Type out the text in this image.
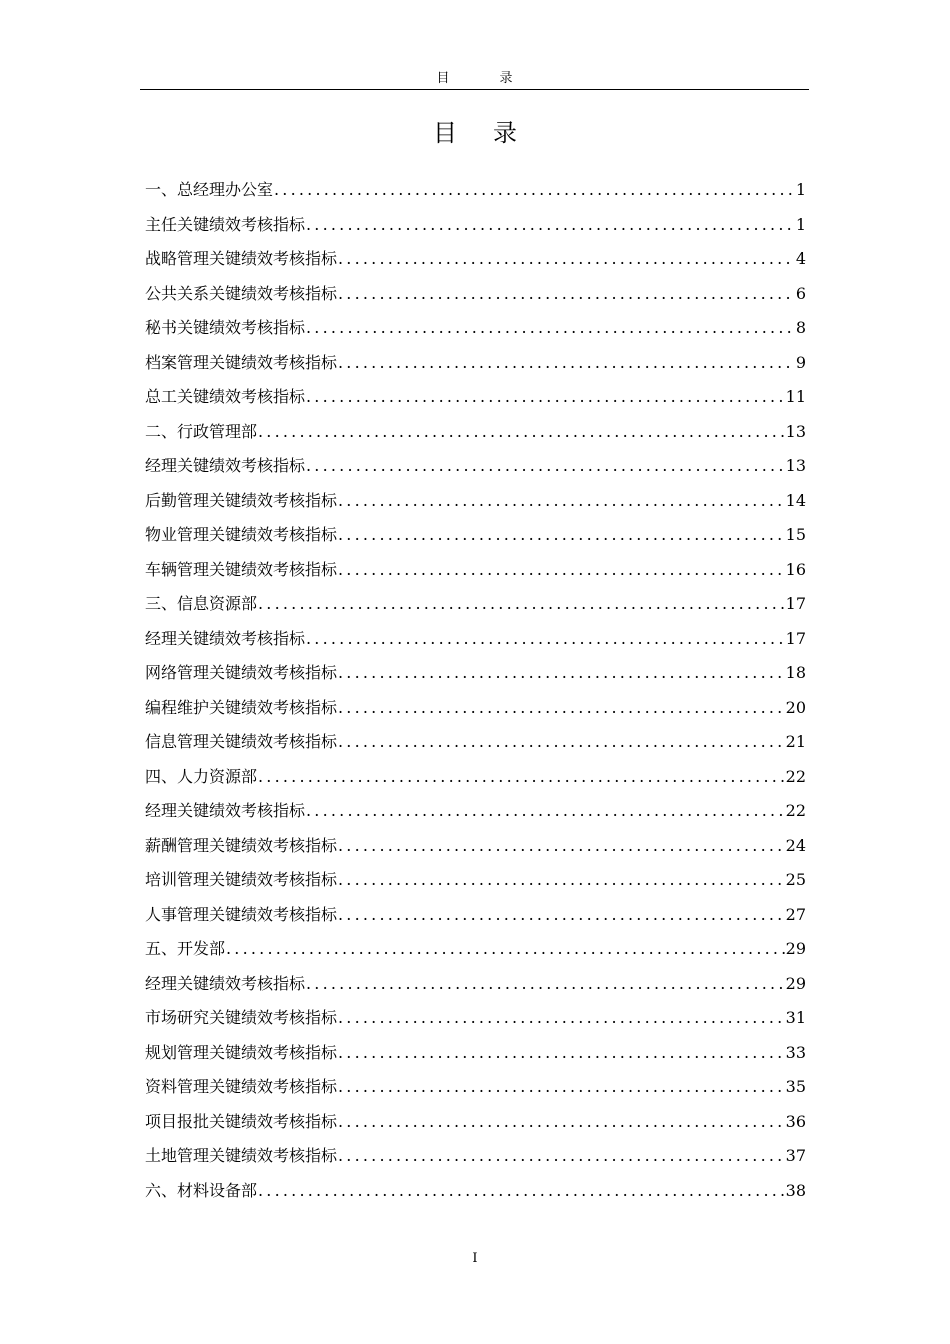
目录
目录
一、总经理办公室 .....	1
主任关键绩效考核指标 .....	1
战略管理关键绩效考核指标 .....	4
公共关系关键绩效考核指标 .....	6
秘书关键绩效考核指标 .....	8
档案管理关键绩效考核指标 .....	9
总工关键绩效考核指标 .....	11
二、行政管理部 .....	13
经理关键绩效考核指标 .....	13
后勤管理关键绩效考核指标 .....	14
物业管理关键绩效考核指标 .....	15
车辆管理关键绩效考核指标 .....	16
三、信息资源部 .....	17
经理关键绩效考核指标 .....	17
网络管理关键绩效考核指标 .....	18
编程维护关键绩效考核指标 .....	20
信息管理关键绩效考核指标 .....	21
四、人力资源部 .....	22
经理关键绩效考核指标 .....	22
薪酬管理关键绩效考核指标 .....	24
培训管理关键绩效考核指标 .....	25
人事管理关键绩效考核指标 .....	27
五、开发部 .....	29
经理关键绩效考核指标 .....	29
市场研究关键绩效考核指标 .....	31
规划管理关键绩效考核指标 .....	33
资料管理关键绩效考核指标 .....	35
项目报批关键绩效考核指标 .....	36
土地管理关键绩效考核指标 .....	37
六、材料设备部 .....	38
I
